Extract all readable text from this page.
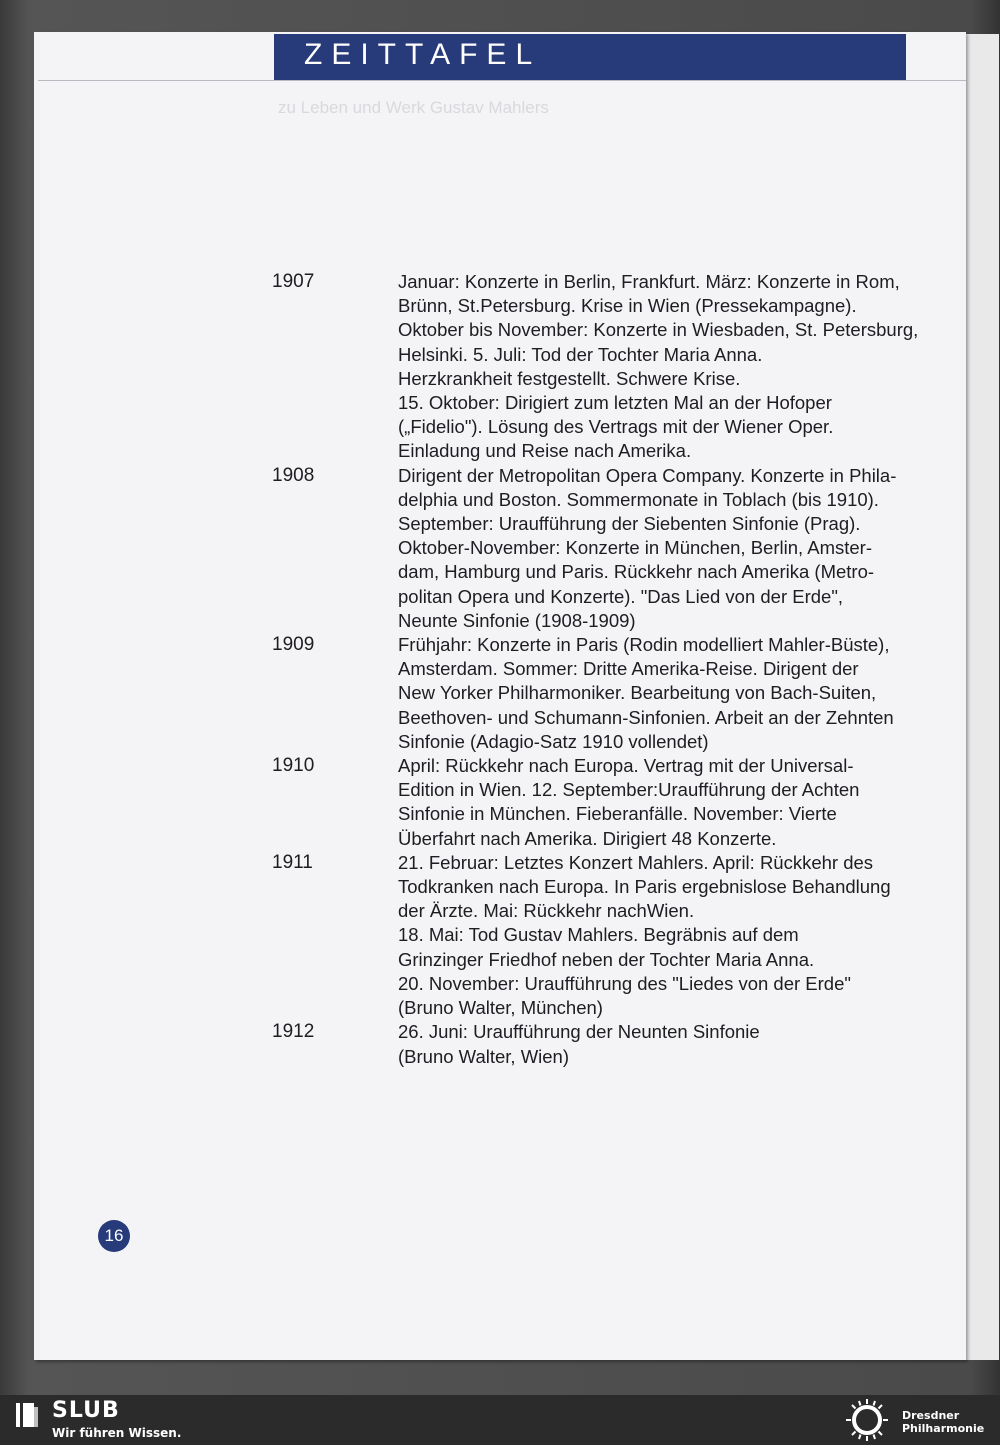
ZEITTAFEL
zu Leben und Werk Gustav Mahlers
1907	Januar: Konzerte in Berlin, Frankfurt. März: Konzerte in Rom,
Brünn, St.Petersburg. Krise in Wien (Pressekampagne).
Oktober bis November: Konzerte in Wiesbaden, St. Petersburg,
Helsinki. 5. Juli: Tod der Tochter Maria Anna.
Herzkrankheit festgestellt. Schwere Krise.
15. Oktober: Dirigiert zum letzten Mal an der Hofoper
(„Fidelio"). Lösung des Vertrags mit der Wiener Oper.
Einladung und Reise nach Amerika.
1908	Dirigent der Metropolitan Opera Company. Konzerte in Phila-
delphia und Boston. Sommermonate in Toblach (bis 1910).
September: Uraufführung der Siebenten Sinfonie (Prag).
Oktober-November: Konzerte in München, Berlin, Amster-
dam, Hamburg und Paris. Rückkehr nach Amerika (Metro-
politan Opera und Konzerte). "Das Lied von der Erde",
Neunte Sinfonie (1908-1909)
1909	Frühjahr: Konzerte in Paris (Rodin modelliert Mahler-Büste),
Amsterdam. Sommer: Dritte Amerika-Reise. Dirigent der
New Yorker Philharmoniker. Bearbeitung von Bach-Suiten,
Beethoven- und Schumann-Sinfonien. Arbeit an der Zehnten
Sinfonie (Adagio-Satz 1910 vollendet)
1910	April: Rückkehr nach Europa. Vertrag mit der Universal-
Edition in Wien. 12. September:Uraufführung der Achten
Sinfonie in München. Fieberanfälle. November: Vierte
Überfahrt nach Amerika. Dirigiert 48 Konzerte.
1911	21. Februar: Letztes Konzert Mahlers. April: Rückkehr des
Todkranken nach Europa. In Paris ergebnislose Behandlung
der Ärzte. Mai: Rückkehr nachWien.
18. Mai: Tod Gustav Mahlers. Begräbnis auf dem
Grinzinger Friedhof neben der Tochter Maria Anna.
20. November: Uraufführung des "Liedes von der Erde"
(Bruno Walter, München)
1912	26. Juni: Uraufführung der Neunten Sinfonie
(Bruno Walter, Wien)
16
SLUB
Wir führen Wissen.
Dresdner
Philharmonie
